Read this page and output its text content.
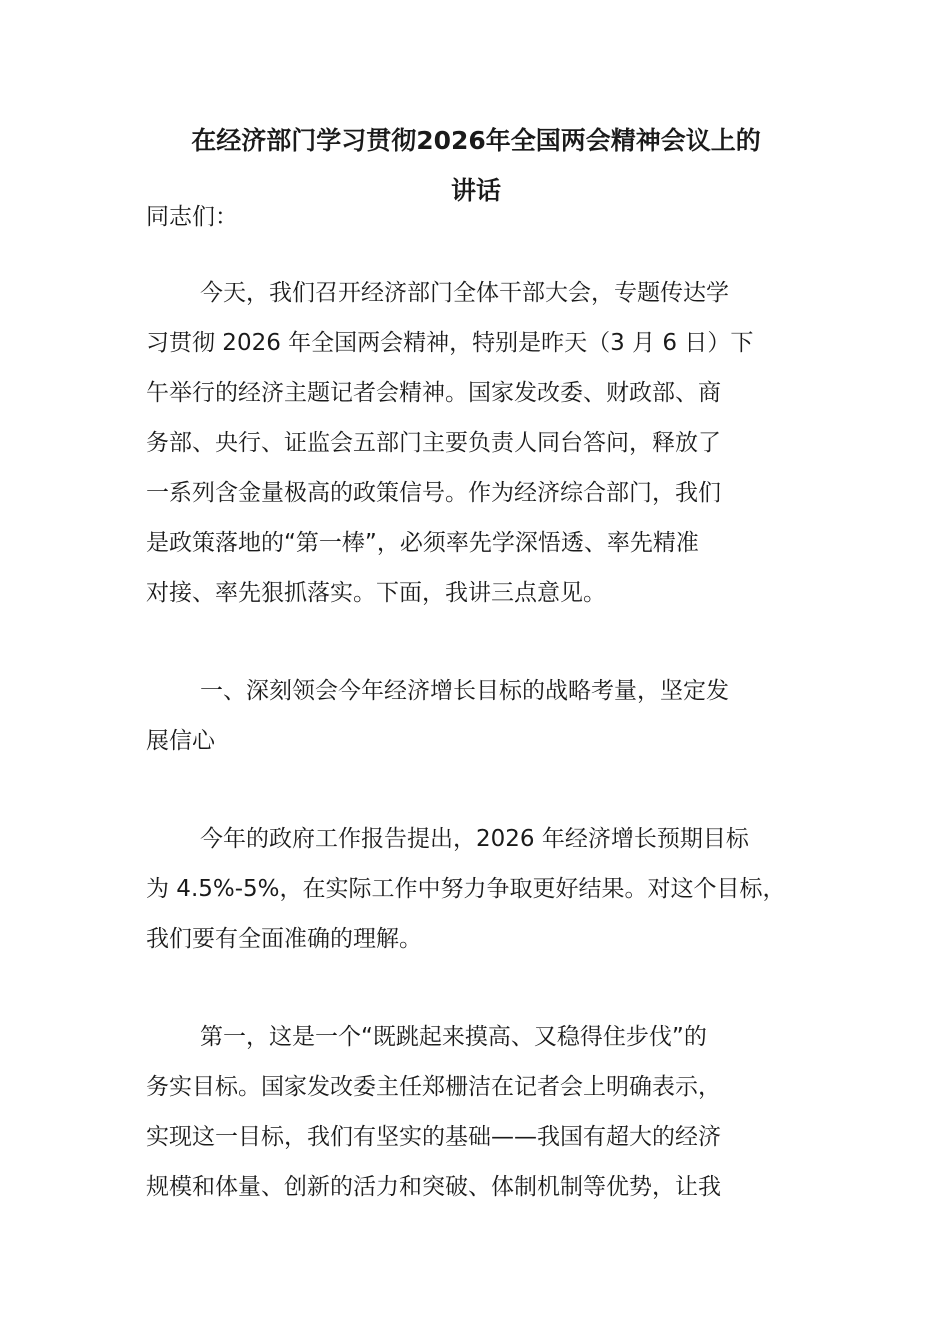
在经济部门学习贯彻2026年全国两会精神会议上的
讲话

同志们：

今天，我们召开经济部门全体干部大会，专题传达学

习贯彻 2026 年全国两会精神，特别是昨天（3 月 6 日）下

午举行的经济主题记者会精神。国家发改委、财政部、商

务部、央行、证监会五部门主要负责人同台答问，释放了

一系列含金量极高的政策信号。作为经济综合部门，我们

是政策落地的“第一棒”，必须率先学深悟透、率先精准

对接、率先狠抓落实。下面，我讲三点意见。

一、深刻领会今年经济增长目标的战略考量，坚定发

展信心

今年的政府工作报告提出，2026 年经济增长预期目标

为 4.5%-5%，在实际工作中努力争取更好结果。对这个目标，

我们要有全面准确的理解。

第一，这是一个“既跳起来摸高、又稳得住步伐”的

务实目标。国家发改委主任郑栅洁在记者会上明确表示，

实现这一目标，我们有坚实的基础——我国有超大的经济

规模和体量、创新的活力和突破、体制机制等优势，让我
